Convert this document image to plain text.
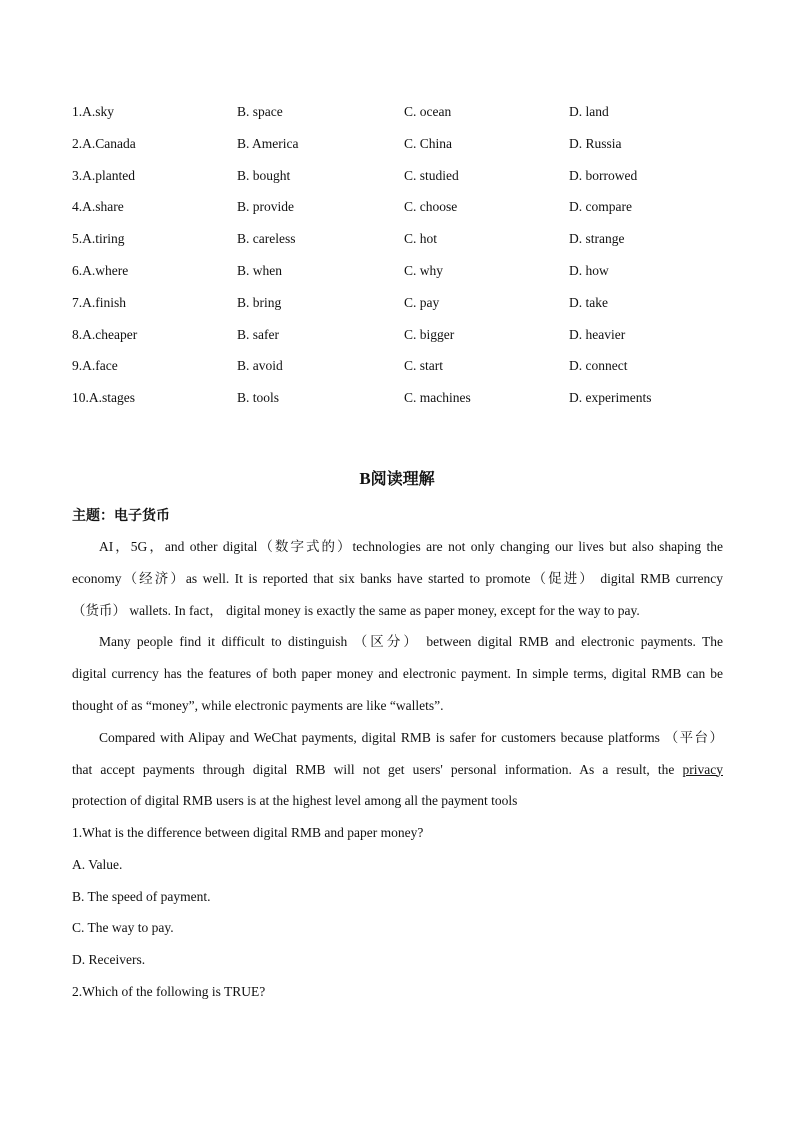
1.A.sky	B. space	C. ocean	D. land
2.A.Canada	B. America	C. China	D. Russia
3.A.planted	B. bought	C. studied	D. borrowed
4.A.share	B. provide	C. choose	D. compare
5.A.tiring	B. careless	C. hot	D. strange
6.A.where	B. when	C. why	D. how
7.A.finish	B. bring	C. pay	D. take
8.A.cheaper	B. safer	C. bigger	D. heavier
9.A.face	B. avoid	C. start	D. connect
10.A.stages	B. tools	C. machines	D. experiments
B阅读理解
主题：电子货币
AI，5G，and other digital（数字式的）technologies are not only changing our lives but also shaping the
economy（经济）as well. It is reported that six banks have started to promote（促进） digital RMB currency
（货币） wallets. In fact， digital money is exactly the same as paper money, except for the way to pay.
Many people find it difficult to distinguish （区分） between digital RMB and electronic payments. The
digital currency has the features of both paper money and electronic payment. In simple terms, digital RMB can be
thought of as “money”, while electronic payments are like “wallets”.
Compared with Alipay and WeChat payments, digital RMB is safer for customers because platforms （平台）
that accept payments through digital RMB will not get users' personal information. As a result, the privacy
protection of digital RMB users is at the highest level among all the payment tools
1.What is the difference between digital RMB and paper money?
A. Value.
B. The speed of payment.
C. The way to pay.
D. Receivers.
2.Which of the following is TRUE?
